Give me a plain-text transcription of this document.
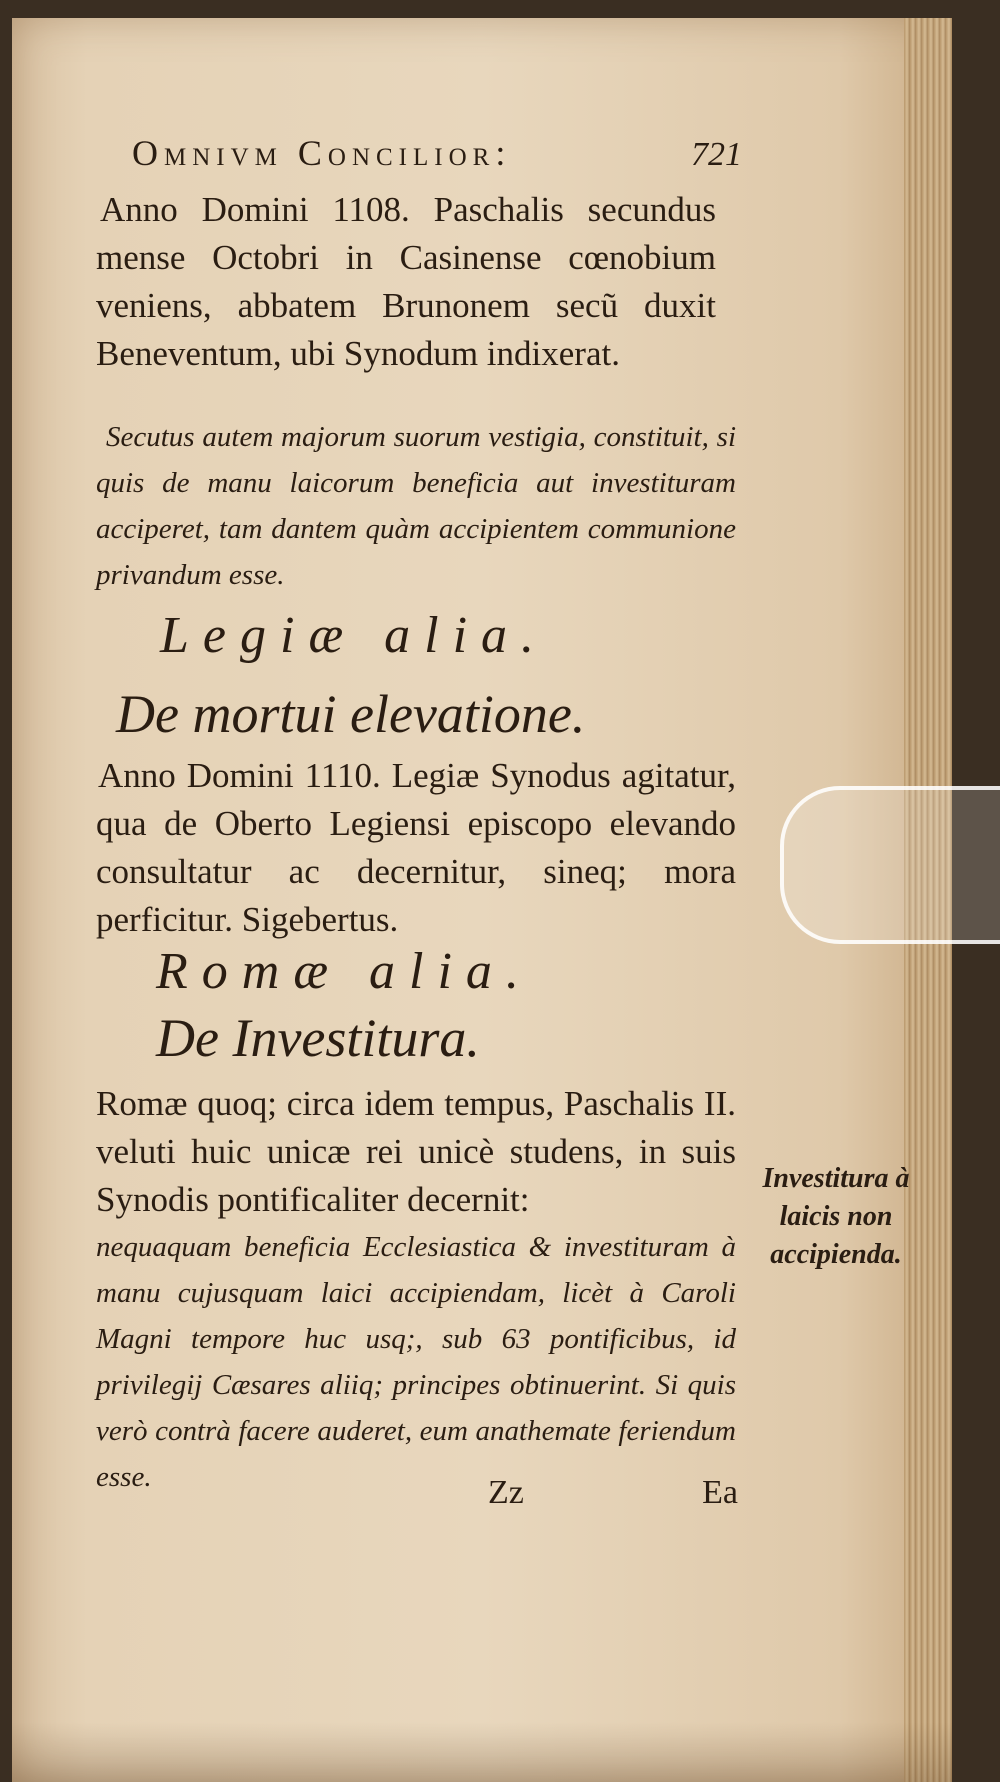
Omnivm Concilior:	721

Anno Domini 1108. Paschalis secundus mense Octobri in Casinense cœnobium veniens, abbatem Brunonem secũ duxit Beneventum, ubi Synodum indixerat.

Secutus autem majorum suorum vestigia, constituit, si quis de manu laicorum beneficia aut investituram acciperet, tam dantem quàm accipientem communione privandum esse.

Legiæ alia.
De mortui elevatione.

Anno Domini 1110. Legiæ Synodus agitatur, qua de Oberto Legiensi episcopo elevando consultatur ac decernitur, sineq; mora perficitur. Sigebertus.

Romæ alia.
De Investitura.

Romæ quoq; circa idem tempus, Paschalis II. veluti huic unicæ rei unicè studens, in suis Synodis pontificaliter decernit:

nequaquam beneficia Ecclesiastica & investituram à manu cujusquam laici accipiendam, licèt à Caroli Magni tempore huc usq;, sub 63 pontificibus, id privilegij Cæsares aliiq; principes obtinuerint. Si quis verò contrà facere auderet, eum anathemate feriendum esse.

Investitura à laicis non accipienda.
Zz	Ea
